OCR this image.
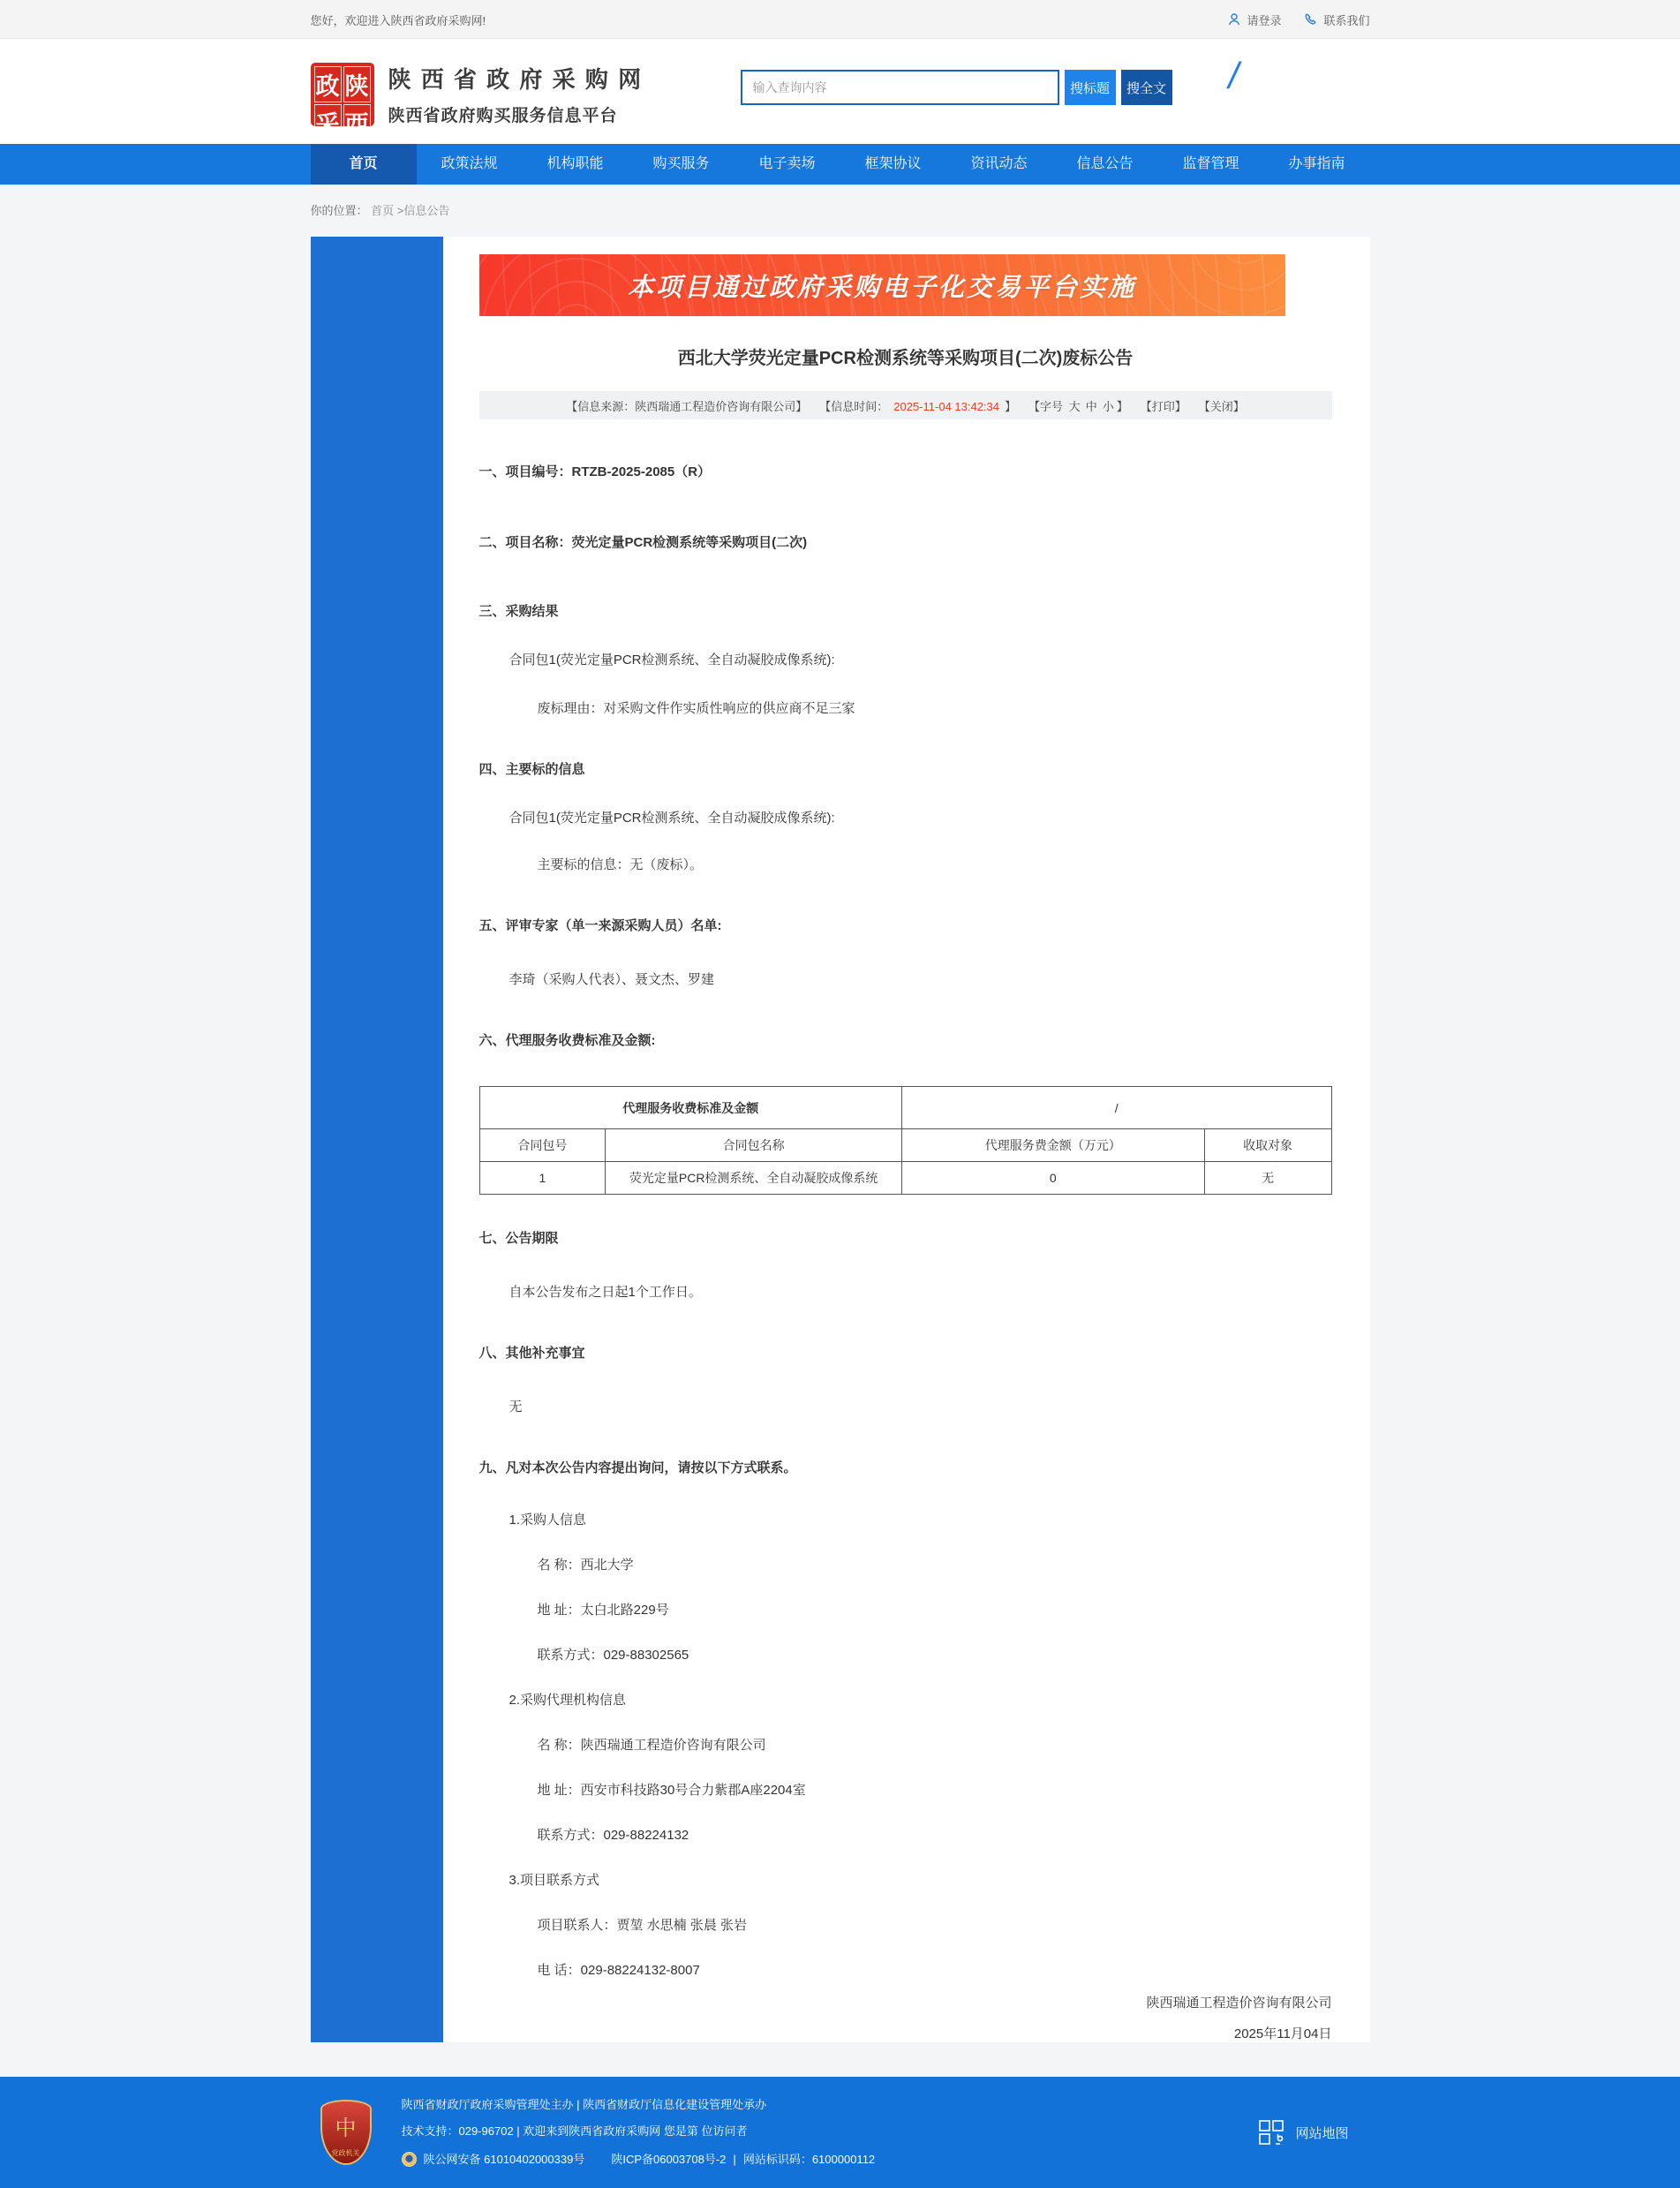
您好，欢迎进入陕西省政府采购网!	请登录	联系我们
政 陕
采 西
陕 西 省 政 府 采 购 网
陕西省政府购买服务信息平台
输入查询内容
搜标题	搜全文 /
首页	政策法规	机构职能	购买服务	电子卖场	框架协议	资讯动态	信息公告	监督管理	办事指南
你的位置： 首页 >信息公告
本项目通过政府采购电子化交易平台实施
西北大学荧光定量PCR检测系统等采购项目(二次)废标公告
【信息来源：陕西瑞通工程造价咨询有限公司】 【信息时间： 2025-11-04 13:42:34 】 【字号 大 中 小 】 【打印】 【关闭】
一、项目编号：RTZB-2025-2085（R）
二、项目名称：荧光定量PCR检测系统等采购项目(二次)
三、采购结果
合同包1(荧光定量PCR检测系统、全自动凝胶成像系统):
废标理由：对采购文件作实质性响应的供应商不足三家
四、主要标的信息
合同包1(荧光定量PCR检测系统、全自动凝胶成像系统):
主要标的信息：无（废标）。
五、评审专家（单一来源采购人员）名单:
李琦（采购人代表）、聂文杰、罗建
六、代理服务收费标准及金额:
代理服务收费标准及金额		/	
合同包号	合同包名称	代理服务费金额（万元）	收取对象
1	荧光定量PCR检测系统、全自动凝胶成像系统	0	无
七、公告期限
自本公告发布之日起1个工作日。
八、其他补充事宜
无
九、凡对本次公告内容提出询问，请按以下方式联系。
1.采购人信息
名 称：西北大学
地 址：太白北路229号
联系方式：029-88302565
2.采购代理机构信息
名 称：陕西瑞通工程造价咨询有限公司
地 址：西安市科技路30号合力紫郡A座2204室
联系方式：029-88224132
3.项目联系方式
项目联系人：贾堃 水思楠 张晨 张岩
电 话：029-88224132-8007
陕西瑞通工程造价咨询有限公司
2025年11月04日
中
党政机关
陕西省财政厅政府采购管理处主办 | 陕西省财政厅信息化建设管理处承办
技术支持：029-96702 | 欢迎来到陕西省政府采购网 您是第 位访问者
陕公网安备 61010402000339号 陕ICP备06003708号-2 | 网站标识码：6100000112
网站地图
